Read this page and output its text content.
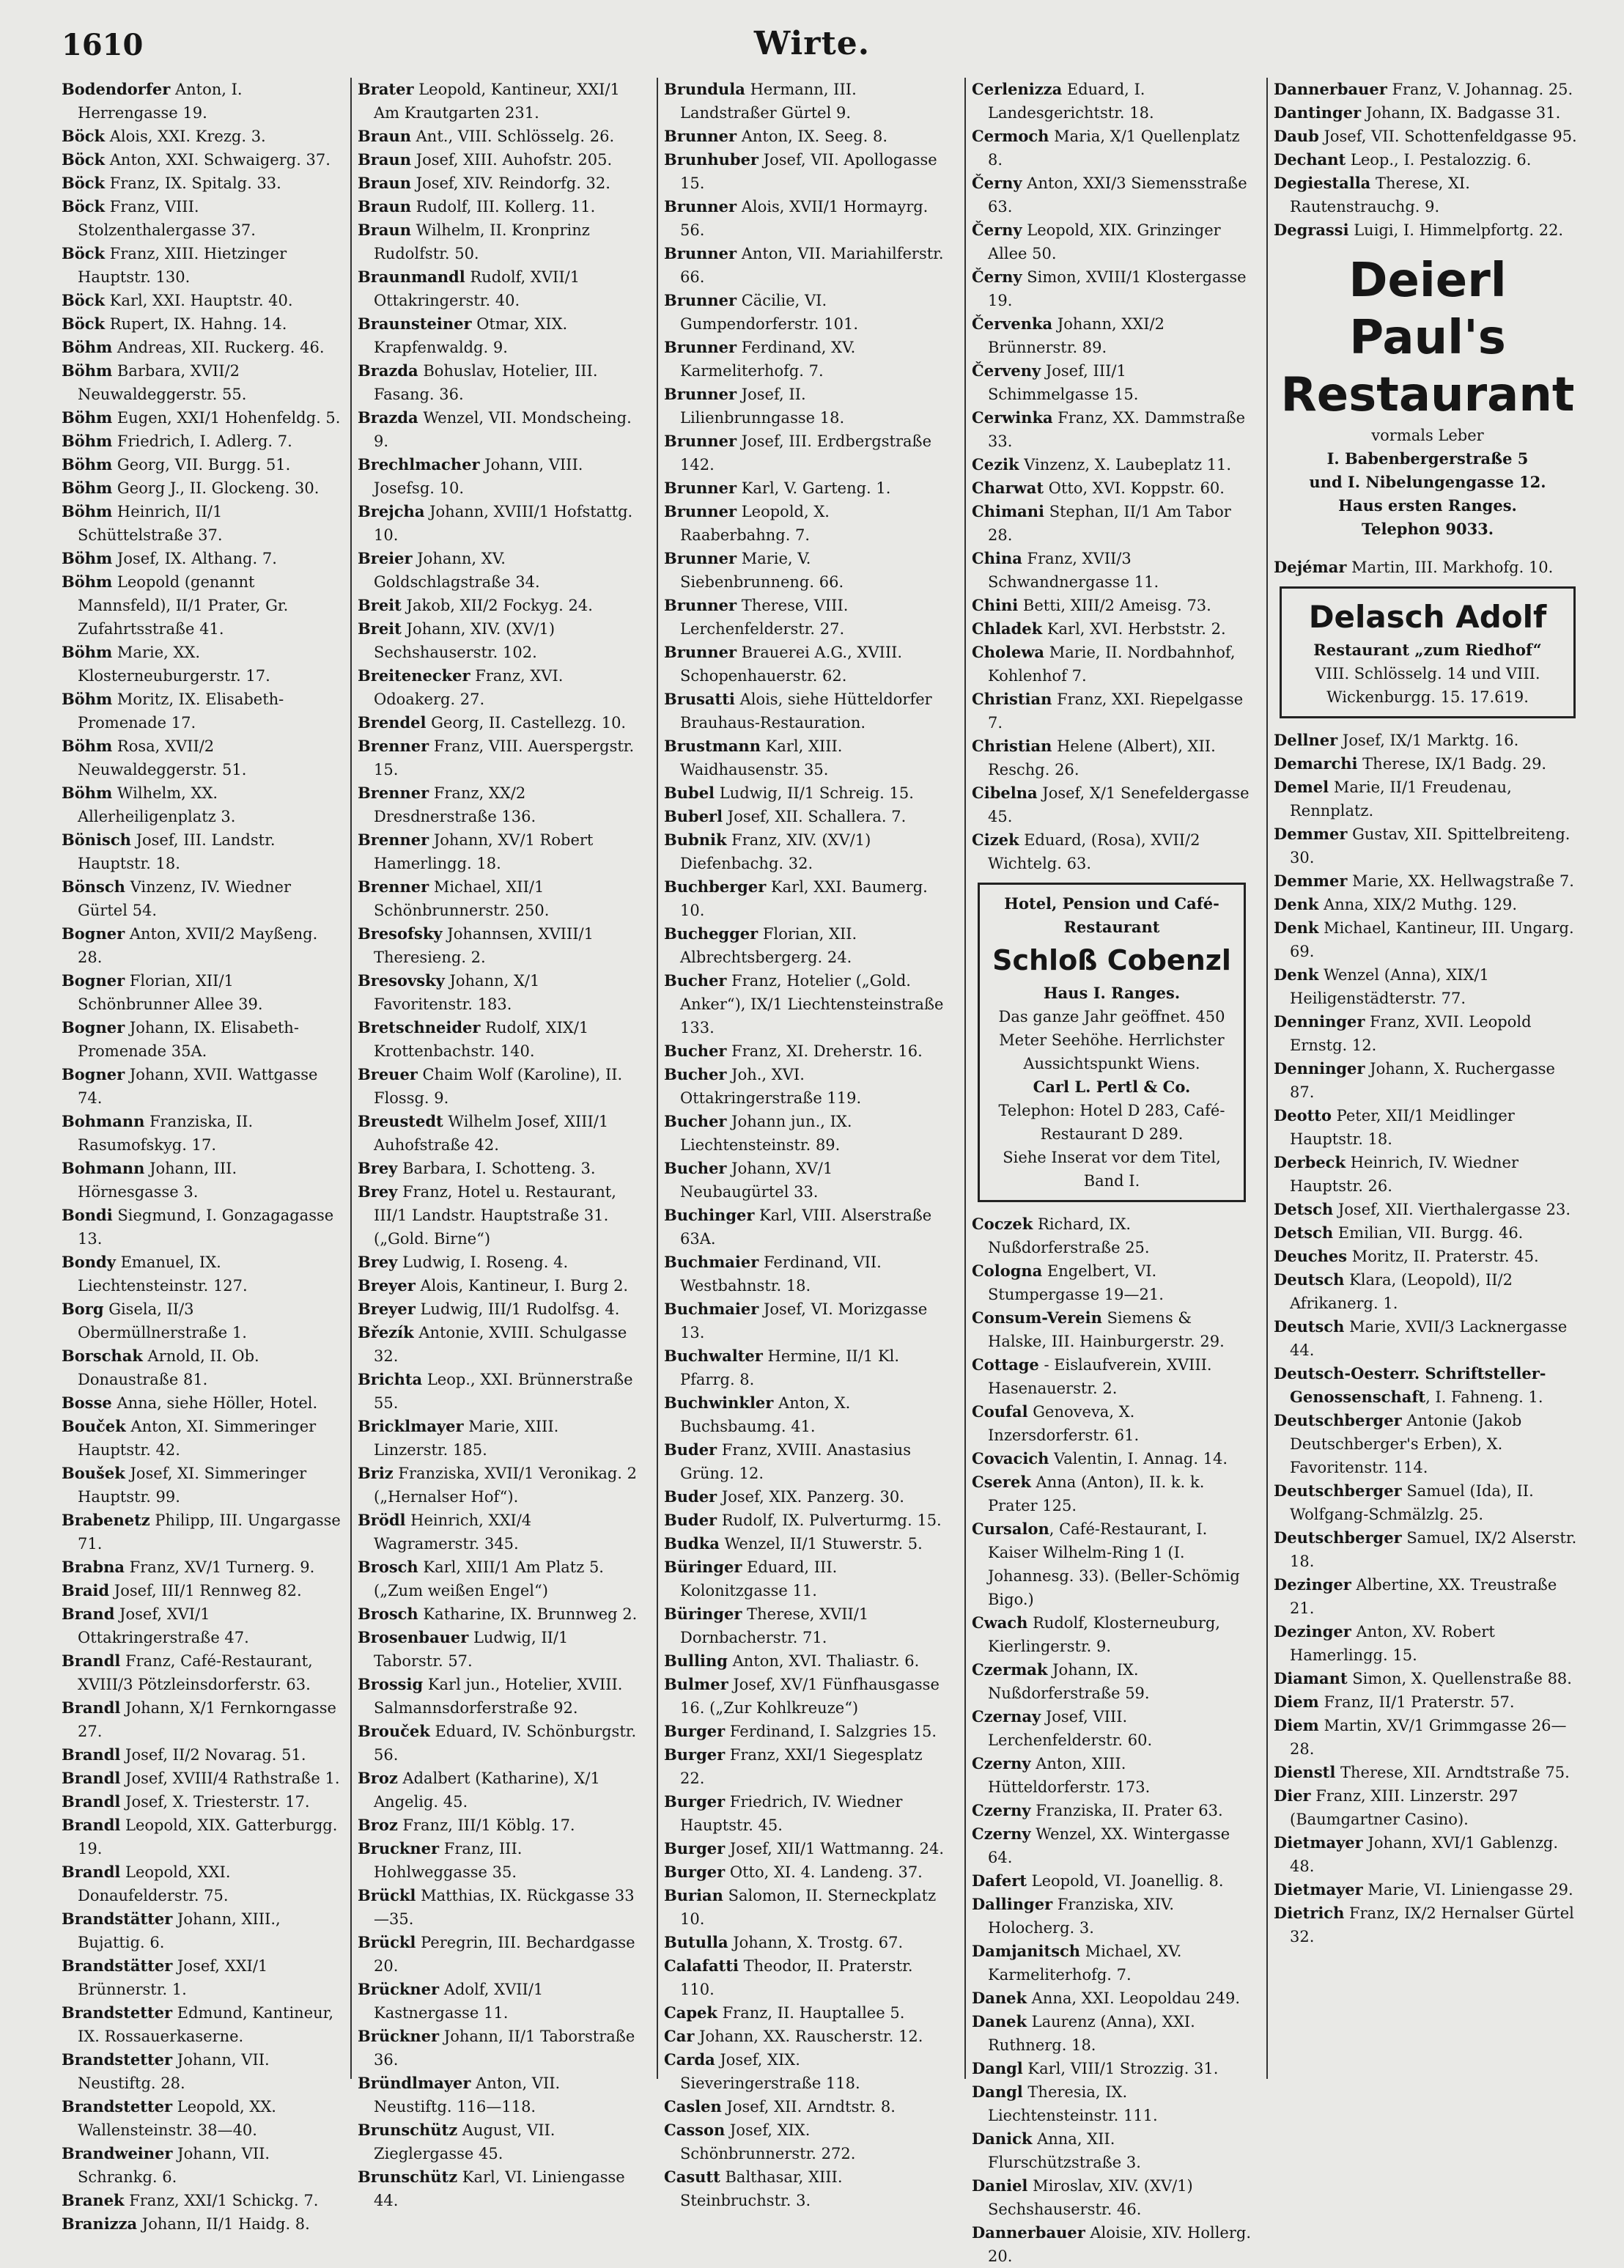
1610	Wirte.

Bodendorfer Anton, I. Herrengasse 19.

Böck Alois, XXI. Krezg. 3.

Böck Anton, XXI. Schwaigerg. 37.

Böck Franz, IX. Spitalg. 33.

Böck Franz, VIII. Stolzenthalergasse 37.

Böck Franz, XIII. Hietzinger Hauptstr. 130.

Böck Karl, XXI. Hauptstr. 40.

Böck Rupert, IX. Hahng. 14.

Böhm Andreas, XII. Ruckerg. 46.

Böhm Barbara, XVII/2 Neuwaldeggerstr. 55.

Böhm Eugen, XXI/1 Hohenfeldg. 5.

Böhm Friedrich, I. Adlerg. 7.

Böhm Georg, VII. Burgg. 51.

Böhm Georg J., II. Glockeng. 30.

Böhm Heinrich, II/1 Schüttelstraße 37.

Böhm Josef, IX. Althang. 7.

Böhm Leopold (genannt Mannsfeld), II/1 Prater, Gr. Zufahrtsstraße 41.

Böhm Marie, XX. Klosterneuburgerstr. 17.

Böhm Moritz, IX. Elisabeth-Promenade 17.

Böhm Rosa, XVII/2 Neuwaldeggerstr. 51.

Böhm Wilhelm, XX. Allerheiligenplatz 3.

Bönisch Josef, III. Landstr. Hauptstr. 18.

Bönsch Vinzenz, IV. Wiedner Gürtel 54.

Bogner Anton, XVII/2 Mayßeng. 28.

Bogner Florian, XII/1 Schönbrunner Allee 39.

Bogner Johann, IX. Elisabeth-Promenade 35A.

Bogner Johann, XVII. Wattgasse 74.

Bohmann Franziska, II. Rasumofskyg. 17.

Bohmann Johann, III. Hörnesgasse 3.

Bondi Siegmund, I. Gonzagagasse 13.

Bondy Emanuel, IX. Liechtensteinstr. 127.

Borg Gisela, II/3 Obermüllnerstraße 1.

Borschak Arnold, II. Ob. Donaustraße 81.

Bosse Anna, siehe Höller, Hotel.

Bouček Anton, XI. Simmeringer Hauptstr. 42.

Boušek Josef, XI. Simmeringer Hauptstr. 99.

Brabenetz Philipp, III. Ungargasse 71.

Brabna Franz, XV/1 Turnerg. 9.

Braid Josef, III/1 Rennweg 82.

Brand Josef, XVI/1 Ottakringerstraße 47.

Brandl Franz, Café-Restaurant, XVIII/3 Pötzleinsdorferstr. 63.

Brandl Johann, X/1 Fernkorngasse 27.

Brandl Josef, II/2 Novarag. 51.

Brandl Josef, XVIII/4 Rathstraße 1.

Brandl Josef, X. Triesterstr. 17.

Brandl Leopold, XIX. Gatterburgg. 19.

Brandl Leopold, XXI. Donaufelderstr. 75.

Brandstätter Johann, XIII., Bujattig. 6.

Brandstätter Josef, XXI/1 Brünnerstr. 1.

Brandstetter Edmund, Kantineur, IX. Rossauerkaserne.

Brandstetter Johann, VII. Neustiftg. 28.

Brandstetter Leopold, XX. Wallensteinstr. 38—40.

Brandweiner Johann, VII. Schrankg. 6.

Branek Franz, XXI/1 Schickg. 7.

Branizza Johann, II/1 Haidg. 8.

Brater Leopold, Kantineur, XXI/1 Am Krautgarten 231.

Braun Ant., VIII. Schlösselg. 26.

Braun Josef, XIII. Auhofstr. 205.

Braun Josef, XIV. Reindorfg. 32.

Braun Rudolf, III. Kollerg. 11.

Braun Wilhelm, II. Kronprinz Rudolfstr. 50.

Braunmandl Rudolf, XVII/1 Ottakringerstr. 40.

Braunsteiner Otmar, XIX. Krapfenwaldg. 9.

Brazda Bohuslav, Hotelier, III. Fasang. 36.

Brazda Wenzel, VII. Mondscheing. 9.

Brechlmacher Johann, VIII. Josefsg. 10.

Brejcha Johann, XVIII/1 Hofstattg. 10.

Breier Johann, XV. Goldschlagstraße 34.

Breit Jakob, XII/2 Fockyg. 24.

Breit Johann, XIV. (XV/1) Sechshauserstr. 102.

Breitenecker Franz, XVI. Odoakerg. 27.

Brendel Georg, II. Castellezg. 10.

Brenner Franz, VIII. Auerspergstr. 15.

Brenner Franz, XX/2 Dresdnerstraße 136.

Brenner Johann, XV/1 Robert Hamerlingg. 18.

Brenner Michael, XII/1 Schönbrunnerstr. 250.

Bresofsky Johannsen, XVIII/1 Theresieng. 2.

Bresovsky Johann, X/1 Favoritenstr. 183.

Bretschneider Rudolf, XIX/1 Krottenbachstr. 140.

Breuer Chaim Wolf (Karoline), II. Flossg. 9.

Breustedt Wilhelm Josef, XIII/1 Auhofstraße 42.

Brey Barbara, I. Schotteng. 3.

Brey Franz, Hotel u. Restaurant, III/1 Landstr. Hauptstraße 31. („Gold. Birne“)

Brey Ludwig, I. Roseng. 4.

Breyer Alois, Kantineur, I. Burg 2.

Breyer Ludwig, III/1 Rudolfsg. 4.

Březík Antonie, XVIII. Schulgasse 32.

Brichta Leop., XXI. Brünnerstraße 55.

Bricklmayer Marie, XIII. Linzerstr. 185.

Briz Franziska, XVII/1 Veronikag. 2 („Hernalser Hof“).

Brödl Heinrich, XXI/4 Wagramerstr. 345.

Brosch Karl, XIII/1 Am Platz 5. („Zum weißen Engel“)

Brosch Katharine, IX. Brunnweg 2.

Brosenbauer Ludwig, II/1 Taborstr. 57.

Brossig Karl jun., Hotelier, XVIII. Salmannsdorferstraße 92.

Brouček Eduard, IV. Schönburgstr. 56.

Broz Adalbert (Katharine), X/1 Angelig. 45.

Broz Franz, III/1 Köblg. 17.

Bruckner Franz, III. Hohlweggasse 35.

Brückl Matthias, IX. Rückgasse 33—35.

Brückl Peregrin, III. Bechardgasse 20.

Brückner Adolf, XVII/1 Kastnergasse 11.

Brückner Johann, II/1 Taborstraße 36.

Bründlmayer Anton, VII. Neustiftg. 116—118.

Brunschütz August, VII. Zieglergasse 45.

Brunschütz Karl, VI. Liniengasse 44.

Brundula Hermann, III. Landstraßer Gürtel 9.

Brunner Anton, IX. Seeg. 8.

Brunhuber Josef, VII. Apollogasse 15.

Brunner Alois, XVII/1 Hormayrg. 56.

Brunner Anton, VII. Mariahilferstr. 66.

Brunner Cäcilie, VI. Gumpendorferstr. 101.

Brunner Ferdinand, XV. Karmeliterhofg. 7.

Brunner Josef, II. Lilienbrunngasse 18.

Brunner Josef, III. Erdbergstraße 142.

Brunner Karl, V. Garteng. 1.

Brunner Leopold, X. Raaberbahng. 7.

Brunner Marie, V. Siebenbrunneng. 66.

Brunner Therese, VIII. Lerchenfelderstr. 27.

Brunner Brauerei A.G., XVIII. Schopenhauerstr. 62.

Brusatti Alois, siehe Hütteldorfer Brauhaus-Restauration.

Brustmann Karl, XIII. Waidhausenstr. 35.

Bubel Ludwig, II/1 Schreig. 15.

Buberl Josef, XII. Schallera. 7.

Bubnik Franz, XIV. (XV/1) Diefenbachg. 32.

Buchberger Karl, XXI. Baumerg. 10.

Buchegger Florian, XII. Albrechtsbergerg. 24.

Bucher Franz, Hotelier („Gold. Anker“), IX/1 Liechtensteinstraße 133.

Bucher Franz, XI. Dreherstr. 16.

Bucher Joh., XVI. Ottakringerstraße 119.

Bucher Johann jun., IX. Liechtensteinstr. 89.

Bucher Johann, XV/1 Neubaugürtel 33.

Buchinger Karl, VIII. Alserstraße 63A.

Buchmaier Ferdinand, VII. Westbahnstr. 18.

Buchmaier Josef, VI. Morizgasse 13.

Buchwalter Hermine, II/1 Kl. Pfarrg. 8.

Buchwinkler Anton, X. Buchsbaumg. 41.

Buder Franz, XVIII. Anastasius Grüng. 12.

Buder Josef, XIX. Panzerg. 30.

Buder Rudolf, IX. Pulverturmg. 15.

Budka Wenzel, II/1 Stuwerstr. 5.

Büringer Eduard, III. Kolonitzgasse 11.

Büringer Therese, XVII/1 Dornbacherstr. 71.

Bulling Anton, XVI. Thaliastr. 6.

Bulmer Josef, XV/1 Fünfhausgasse 16. („Zur Kohlkreuze“)

Burger Ferdinand, I. Salzgries 15.

Burger Franz, XXI/1 Siegesplatz 22.

Burger Friedrich, IV. Wiedner Hauptstr. 45.

Burger Josef, XII/1 Wattmanng. 24.

Burger Otto, XI. 4. Landeng. 37.

Burian Salomon, II. Sterneckplatz 10.

Butulla Johann, X. Trostg. 67.

Calafatti Theodor, II. Praterstr. 110.

Capek Franz, II. Hauptallee 5.

Car Johann, XX. Rauscherstr. 12.

Carda Josef, XIX. Sieveringerstraße 118.

Caslen Josef, XII. Arndtstr. 8.

Casson Josef, XIX. Schönbrunnerstr. 272.

Casutt Balthasar, XIII. Steinbruchstr. 3.

Cerlenizza Eduard, I. Landesgerichtstr. 18.

Cermoch Maria, X/1 Quellenplatz 8.

Černy Anton, XXI/3 Siemensstraße 63.

Černy Leopold, XIX. Grinzinger Allee 50.

Černy Simon, XVIII/1 Klostergasse 19.

Červenka Johann, XXI/2 Brünnerstr. 89.

Červeny Josef, III/1 Schimmelgasse 15.

Cerwinka Franz, XX. Dammstraße 33.

Cezik Vinzenz, X. Laubeplatz 11.

Charwat Otto, XVI. Koppstr. 60.

Chimani Stephan, II/1 Am Tabor 28.

China Franz, XVII/3 Schwandnergasse 11.

Chini Betti, XIII/2 Ameisg. 73.

Chladek Karl, XVI. Herbststr. 2.

Cholewa Marie, II. Nordbahnhof, Kohlenhof 7.

Christian Franz, XXI. Riepelgasse 7.

Christian Helene (Albert), XII. Reschg. 26.

Cibelna Josef, X/1 Senefeldergasse 45.

Cizek Eduard, (Rosa), XVII/2 Wichtelg. 63.

Hotel, Pension und Café-Restaurant
Schloß Cobenzl
Haus I. Ranges.
Das ganze Jahr geöffnet. 450 Meter Seehöhe. Herrlichster Aussichtspunkt Wiens.
Carl L. Pertl & Co.
Telephon: Hotel D 283, Café-Restaurant D 289.
Siehe Inserat vor dem Titel, Band I.

Coczek Richard, IX. Nußdorferstraße 25.

Cologna Engelbert, VI. Stumpergasse 19—21.

Consum-Verein Siemens & Halske, III. Hainburgerstr. 29.

Cottage - Eislaufverein, XVIII. Hasenauerstr. 2.

Coufal Genoveva, X. Inzersdorferstr. 61.

Covacich Valentin, I. Annag. 14.

Cserek Anna (Anton), II. k. k. Prater 125.

Cursalon, Café-Restaurant, I. Kaiser Wilhelm-Ring 1 (I. Johannesg. 33). (Beller-Schömig Bigo.)

Cwach Rudolf, Klosterneuburg, Kierlingerstr. 9.

Czermak Johann, IX. Nußdorferstraße 59.

Czernay Josef, VIII. Lerchenfelderstr. 60.

Czerny Anton, XIII. Hütteldorferstr. 173.

Czerny Franziska, II. Prater 63.

Czerny Wenzel, XX. Wintergasse 64.

Dafert Leopold, VI. Joanellig. 8.

Dallinger Franziska, XIV. Holocherg. 3.

Damjanitsch Michael, XV. Karmeliterhofg. 7.

Danek Anna, XXI. Leopoldau 249.

Danek Laurenz (Anna), XXI. Ruthnerg. 18.

Dangl Karl, VIII/1 Strozzig. 31.

Dangl Theresia, IX. Liechtensteinstr. 111.

Danick Anna, XII. Flurschützstraße 3.

Daniel Miroslav, XIV. (XV/1) Sechshauserstr. 46.

Dannerbauer Aloisie, XIV. Hollerg. 20.

Dannerbauer Franz, V. Johannag. 25.

Dantinger Johann, IX. Badgasse 31.

Daub Josef, VII. Schottenfeldgasse 95.

Dechant Leop., I. Pestalozzig. 6.

Degiestalla Therese, XI. Rautenstrauchg. 9.

Degrassi Luigi, I. Himmelpfortg. 22.

Deierl Paul's
Restaurant
vormals Leber
I. Babenbergerstraße 5
und I. Nibelungengasse 12.
Haus ersten Ranges.
Telephon 9033.

Dejémar Martin, III. Markhofg. 10.

Delasch Adolf
Restaurant „zum Riedhof“
VIII. Schlösselg. 14 und VIII. Wickenburgg. 15. 17.619.

Dellner Josef, IX/1 Marktg. 16.

Demarchi Therese, IX/1 Badg. 29.

Demel Marie, II/1 Freudenau, Rennplatz.

Demmer Gustav, XII. Spittelbreiteng. 30.

Demmer Marie, XX. Hellwagstraße 7.

Denk Anna, XIX/2 Muthg. 129.

Denk Michael, Kantineur, III. Ungarg. 69.

Denk Wenzel (Anna), XIX/1 Heiligenstädterstr. 77.

Denninger Franz, XVII. Leopold Ernstg. 12.

Denninger Johann, X. Ruchergasse 87.

Deotto Peter, XII/1 Meidlinger Hauptstr. 18.

Derbeck Heinrich, IV. Wiedner Hauptstr. 26.

Detsch Josef, XII. Vierthalergasse 23.

Detsch Emilian, VII. Burgg. 46.

Deuches Moritz, II. Praterstr. 45.

Deutsch Klara, (Leopold), II/2 Afrikanerg. 1.

Deutsch Marie, XVII/3 Lacknergasse 44.

Deutsch-Oesterr. Schriftsteller-Genossenschaft, I. Fahneng. 1.

Deutschberger Antonie (Jakob Deutschberger's Erben), X. Favoritenstr. 114.

Deutschberger Samuel (Ida), II. Wolfgang-Schmälzlg. 25.

Deutschberger Samuel, IX/2 Alserstr. 18.

Dezinger Albertine, XX. Treustraße 21.

Dezinger Anton, XV. Robert Hamerlingg. 15.

Diamant Simon, X. Quellenstraße 88.

Diem Franz, II/1 Praterstr. 57.

Diem Martin, XV/1 Grimmgasse 26—28.

Dienstl Therese, XII. Arndtstraße 75.

Dier Franz, XIII. Linzerstr. 297 (Baumgartner Casino).

Dietmayer Johann, XVI/1 Gablenzg. 48.

Dietmayer Marie, VI. Liniengasse 29.

Dietrich Franz, IX/2 Hernalser Gürtel 32.
